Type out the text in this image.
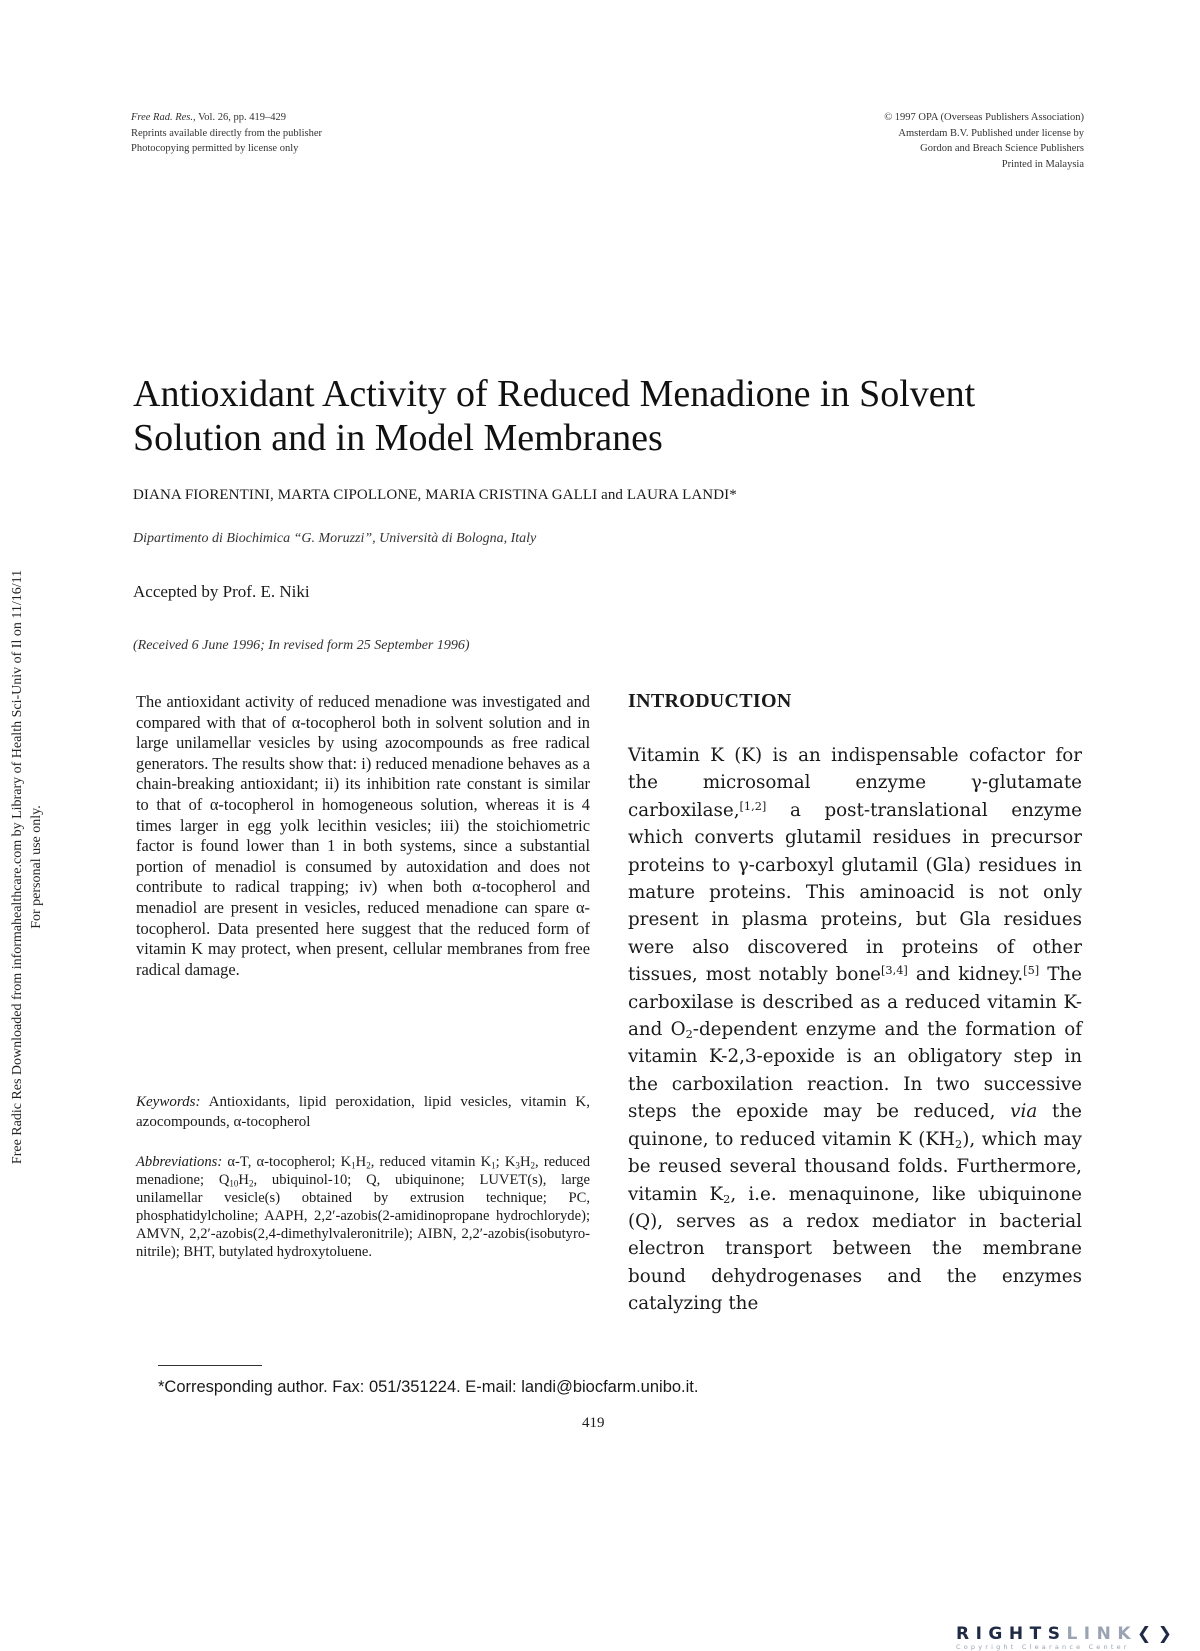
Free Rad. Res., Vol. 26, pp. 419–429
Reprints available directly from the publisher
Photocopying permitted by license only
© 1997 OPA (Overseas Publishers Association)
Amsterdam B.V. Published under license by
Gordon and Breach Science Publishers
Printed in Malaysia
Free Radic Res Downloaded from informahealthcare.com by Library of Health Sci-Univ of Il on 11/16/11 For personal use only.
Antioxidant Activity of Reduced Menadione in Solvent Solution and in Model Membranes
DIANA FIORENTINI, MARTA CIPOLLONE, MARIA CRISTINA GALLI and LAURA LANDI*
Dipartimento di Biochimica “G. Moruzzi”, Università di Bologna, Italy
Accepted by Prof. E. Niki
(Received 6 June 1996; In revised form 25 September 1996)

The antioxidant activity of reduced menadione was investigated and compared with that of α-tocopherol both in solvent solution and in large unilamellar vesicles by using azocompounds as free radical generators. The results show that: i) reduced menadione behaves as a chain-breaking antioxidant; ii) its inhibition rate constant is similar to that of α-tocopherol in homogeneous solution, whereas it is 4 times larger in egg yolk lecithin vesicles; iii) the stoichiometric factor is found lower than 1 in both systems, since a substantial portion of menadiol is consumed by autoxidation and does not contribute to radical trapping; iv) when both α-tocopherol and menadiol are present in vesicles, reduced menadione can spare α-tocopherol. Data presented here suggest that the reduced form of vitamin K may protect, when present, cellular membranes from free radical damage.

Keywords: Antioxidants, lipid peroxidation, lipid vesicles, vitamin K, azocompounds, α-tocopherol

Abbreviations: α-T, α-tocopherol; $K_1H_2$, reduced vitamin $K_1$; $K_3H_2$, reduced menadione; $Q_{10}H_2$, ubiquinol-10; Q, ubiquinone; LUVET(s), large unilamellar vesicle(s) obtained by extrusion technique; PC, phosphatidylcholine; AAPH, 2,2′-azobis(2-amidinopropane hydrochloryde); AMVN, 2,2′-azobis(2,4-dimethylvaleronitrile); AIBN, 2,2′-azobis(isobutyro-nitrile); BHT, butylated hydroxytoluene.

INTRODUCTION

Vitamin K (K) is an indispensable cofactor for the microsomal enzyme γ-glutamate carboxilase,[1,2] a post-translational enzyme which converts glutamil residues in precursor proteins to γ-carboxyl glutamil (Gla) residues in mature proteins. This aminoacid is not only present in plasma proteins, but Gla residues were also discovered in proteins of other tissues, most notably bone[3,4] and kidney.[5] The carboxilase is described as a reduced vitamin K- and $O_2$-dependent enzyme and the formation of vitamin K-2,3-epoxide is an obligatory step in the carboxilation reaction. In two successive steps the epoxide may be reduced, via the quinone, to reduced vitamin K $(KH_2)$, which may be reused several thousand folds. Furthermore, vitamin $K_2$, i.e. menaquinone, like ubiquinone (Q), serves as a redox mediator in bacterial electron transport between the membrane bound dehydrogenases and the enzymes catalyzing the

*Corresponding author. Fax: 051/351224. E-mail: landi@biocfarm.unibo.it.
419
RIGHTSLINK❮❯
Copyright Clearance Center
